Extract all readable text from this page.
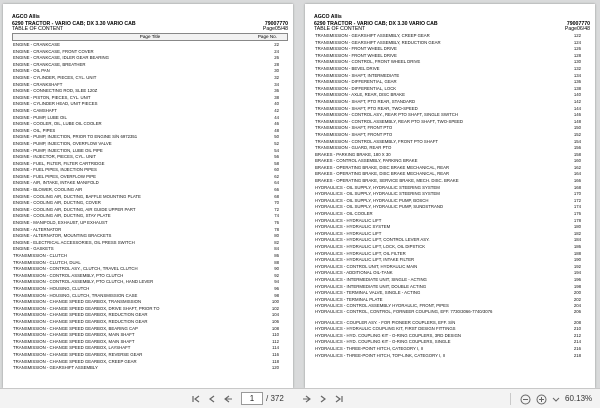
AGCO Allis
6290 TRACTOR - VARIO CAB; DX 3.30 VARIO CAB	79007770
TABLE OF CONTENT	Page05/48
Page Title	Page No.
ENGINE - CRANKCASE	22
ENGINE - CRANKCASE, FRONT COVER	24
ENGINE - CRANKCASE, IDLER GEAR BEARING	26
ENGINE - CRANKCASE, BREATHER	28
ENGINE - OIL PAN	30
ENGINE - CYLINDER, PIECES, CYL. UNIT	32
ENGINE - CRANKSHAFT	34
ENGINE - CONNECTING ROD, SLEE 120Z	36
ENGINE - PISTON, PIECES, CYL. UNIT	38
ENGINE - CYLINDER HEAD, UNIT PIECES	40
ENGINE - CAMSHAFT	42
ENGINE - PUMP, LUBE OIL	44
ENGINE - COOLER, OIL, LUBE OIL COOLER	46
ENGINE - OIL, PIPES	48
ENGINE - PUMP, INJECTION, PRIOR TO ENGINE S/N 6972351	50
ENGINE - PUMP, INJECTION, OVERFLOW VALVE	52
ENGINE - PUMP, INJECTION, LUBE OIL PIPE	54
ENGINE - INJECTOR, PIECES, CYL. UNIT	56
ENGINE - FUEL, FILTER, FILTER CARTRIDGE	58
ENGINE - FUEL PIPES, INJECTION PIPES	60
ENGINE - FUEL PIPES, OVERFLOW PIPE	62
ENGINE - AIR, INTAKE, INTAKE MANIFOLD	64
ENGINE - BLOWER, COOLING AIR	66
ENGINE - COOLING AIR, DUCTING, BAFFLE MOUNTING PLATE	68
ENGINE - COOLING AIR, DUCTING, COVER	70
ENGINE - COOLING AIR, DUCTING, AIR GUIDE UPPER PART	72
ENGINE - COOLING AIR, DUCTING, STAY PLATE	74
ENGINE - MANIFOLD, EXHAUST, UP EXHAUST	76
ENGINE - ALTERNATOR	78
ENGINE - ALTERNATOR, MOUNTING BRACKETS	80
ENGINE - ELECTRICAL ACCESSORIES, OIL PRESS SWITCH	82
ENGINE - GASKETS	84
TRANSMISSION - CLUTCH	86
TRANSMISSION - CLUTCH, DUAL	88
TRANSMISSION - CONTROL ASY., CLUTCH, TRAVEL CLUTCH	90
TRANSMISSION - CONTROL ASSEMBLY, PTO CLUTCH	92
TRANSMISSION - CONTROL ASSEMBLY, PTO CLUTCH, HAND LEVER	94
TRANSMISSION - HOUSING, CLUTCH	96
TRANSMISSION - HOUSING, CLUTCH, TRANSMISSION CASE	98
TRANSMISSION - CHANGE SPEED GEARBOX, TRANSMISSION	100
TRANSMISSION - CHANGE SPEED GEARBOX, DRIVE SHAFT, PRIOR TO	102
TRANSMISSION - CHANGE SPEED GEARBOX, REDUCTION GEAR	104
TRANSMISSION - CHANGE SPEED GEARBOX, REDUCTION GEAR	106
TRANSMISSION - CHANGE SPEED GEARBOX, BEARING CAP	108
TRANSMISSION - CHANGE SPEED GEARBOX, MAIN SHAFT	110
TRANSMISSION - CHANGE SPEED GEARBOX, MAIN SHAFT	112
TRANSMISSION - CHANGE SPEED GEARBOX, LAYSHAFT	114
TRANSMISSION - CHANGE SPEED GEARBOX, REVERSE GEAR	116
TRANSMISSION - CHANGE SPEED GEARBOX, CREEP GEAR	118
TRANSMISSION - GEARSHIFT ASSEMBLY	120
AGCO Allis
6290 TRACTOR - VARIO CAB; DX 3.30 VARIO CAB	79007770
TABLE OF CONTENT	Page06/48
TRANSMISSION - GEARSHIFT ASSEMBLY, CREEP GEAR	122
TRANSMISSION - GEARSHIFT ASSEMBLY, REDUCTION GEAR	124
TRANSMISSION - FRONT WHEEL DRIVE	126
TRANSMISSION - FRONT WHEEL DRIVE	128
TRANSMISSION - CONTROL, FRONT WHEEL DRIVE	130
TRANSMISSION - BEVEL DRIVE	132
TRANSMISSION - SHAFT, INTERMEDIATE	134
TRANSMISSION - DIFFERENTIAL, GEAR	136
TRANSMISSION - DIFFERENTIAL, LOCK	138
TRANSMISSION - AXLE, REAR, DISC BRAKE	140
TRANSMISSION - SHAFT, PTO REAR, STANDARD	142
TRANSMISSION - SHAFT, PTO REAR, TWO-SPEED	144
TRANSMISSION - CONTROL ASY., REAR PTO SHAFT, SINGLE SWITCH	146
TRANSMISSION - CONTROL ASSEMBLY, REAR PTO SHAFT, TWO-SPEED	148
TRANSMISSION - SHAFT, FRONT PTO	150
TRANSMISSION - SHAFT, FRONT PTO	152
TRANSMISSION - CONTROL ASSEMBLY, FRONT PTO SHAFT	154
TRANSMISSION - GUARD, REAR PTO	156
BRAKES - PARKING BRAKE, 180 X 30	158
BRAKES - CONTROL ASSEMBLY, PARKING BRAKE	160
BRAKES - OPERATING BRAKE, DISC BRAKE MECHANICAL, REAR	162
BRAKES - OPERATING BRAKE, DISC BRAKE MECHANICAL, REAR	164
BRAKES - OPERATING BRAKE, SERVICE BRAKE, MECH. DISC. BRAKE	166
HYDRAULICS - OIL SUPPLY, HYDRAULIC STEERING SYSTEM	168
HYDRAULICS - OIL SUPPLY, HYDRAULIC STEERING SYSTEM	170
HYDRAULICS - OIL SUPPLY, HYDRAULIC PUMP, BOSCH	172
HYDRAULICS - OIL SUPPLY, HYDRAULIC PUMP, SUNDSTRAND	174
HYDRAULICS - OIL COOLER	176
HYDRAULICS - HYDRAULIC LIFT	178
HYDRAULICS - HYDRAULIC SYSTEM	180
HYDRAULICS - HYDRAULIC LIFT	182
HYDRAULICS - HYDRAULIC LIFT, CONTROL LEVER ASY.	184
HYDRAULICS - HYDRAULIC LIFT, LOCK, OIL DIPSTICK	186
HYDRAULICS - HYDRAULIC LIFT, OIL FILTER	188
HYDRAULICS - HYDRAULIC LIFT, INTAKE FILTER	190
HYDRAULICS - CONTROL UNIT, HYDRAULIC MAIN	192
HYDRAULICS - ADDITIONAL OIL-TANK	194
HYDRAULICS - INTERMEDIATE UNIT, SINGLE - ACTING	196
HYDRAULICS - INTERMEDIATE UNIT, DOUBLE ACTING	198
HYDRAULICS - TERMINAL VALVE, SINGLE - ACTING	200
HYDRAULICS - TERMINAL PLATE	202
HYDRAULICS - CONTROL ASSEMBLY HYDRAULIC, FRONT, PIPES	204
HYDRAULICS - CONTROL, CONTROL, FORNEER COUPLING, EFF. 7730/3066-7740/3076	206
HYDRAULICS - COUPLER ASY. - FOR PIONEER COUPLERS, EFF. S/N	208
HYDRAULICS - HYDRAULIC COUPLING KIT, FIRST DESIGN FITTINGS	210
HYDRAULICS - HYD. COUPLING KIT - O-RING COUPLERS, 3RD DESIGN	212
HYDRAULICS - HYD. COUPLING KIT - O-RING COUPLERS, SINGLE	214
HYDRAULICS - THREE-POINT HITCH, CATEGORY I, II	216
HYDRAULICS - THREE-POINT HITCH, TOP-LINK, CATEGORY I, II	218
1
/ 372	60.13%
